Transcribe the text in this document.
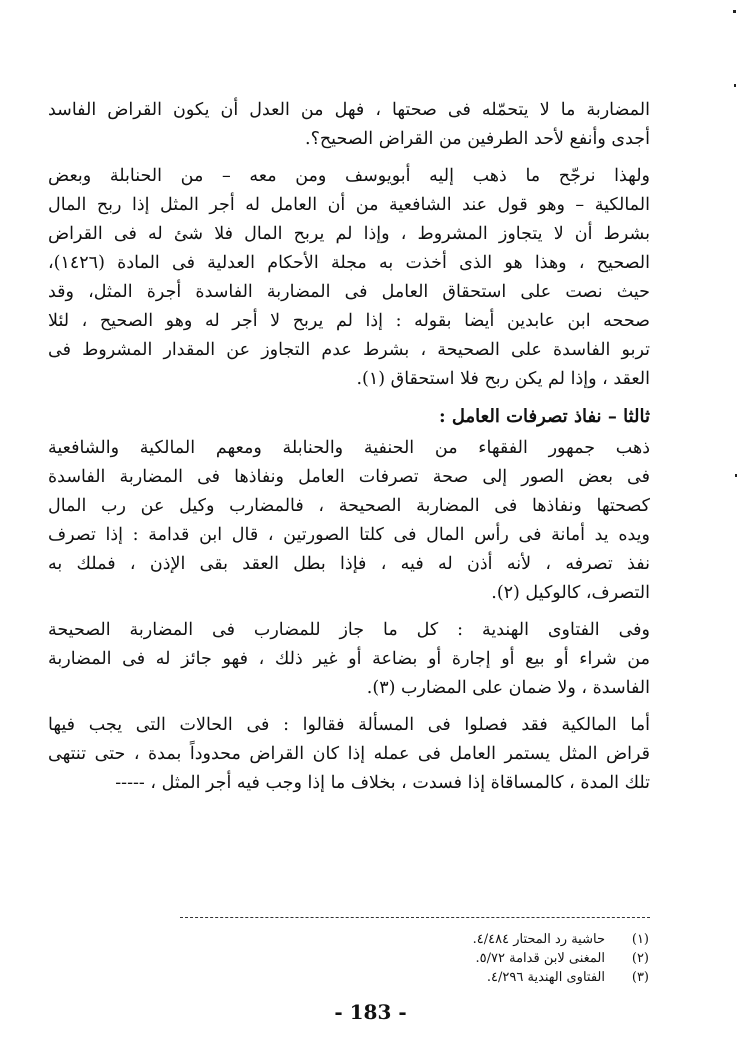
المضاربة ما لا يتحمّله فى صحتها ، فهل من العدل أن يكون القراض الفاسد
أجدى وأنفع لأحد الطرفين من القراض الصحيح؟.
ولهذا نرجّح ما ذهب إليه أبويوسف ومن معه – من الحنابلة وبعض
المالكية – وهو قول عند الشافعية من أن العامل له أجر المثل إذا ربح المال
بشرط أن لا يتجاوز المشروط ، وإذا لم يربح المال فلا شئ له فى القراض
الصحيح ، وهذا هو الذى أخذت به مجلة الأحكام العدلية فى المادة (١٤٢٦)،
حيث نصت على استحقاق العامل فى المضاربة الفاسدة أجرة المثل، وقد
صححه ابن عابدين أيضا بقوله : إذا لم يربح لا أجر له وهو الصحيح ، لئلا
تربو الفاسدة على الصحيحة ، بشرط عدم التجاوز عن المقدار المشروط فى
العقد ، وإذا لم يكن ربح فلا استحقاق (١).
ثالثا – نفاذ تصرفات العامل :
ذهب جمهور الفقهاء من الحنفية والحنابلة ومعهم المالكية والشافعية
فى بعض الصور إلى صحة تصرفات العامل ونفاذها فى المضاربة الفاسدة
كصحتها ونفاذها فى المضاربة الصحيحة ، فالمضارب وكيل عن رب المال
ويده يد أمانة فى رأس المال فى كلتا الصورتين ، قال ابن قدامة : إذا تصرف
نفذ تصرفه ، لأنه أذن له فيه ، فإذا بطل العقد بقى الإذن ، فملك به
التصرف، كالوكيل (٢).
وفى الفتاوى الهندية : كل ما جاز للمضارب فى المضاربة الصحيحة
من شراء أو بيع أو إجارة أو بضاعة أو غير ذلك ، فهو جائز له فى المضاربة
الفاسدة ، ولا ضمان على المضارب (٣).
أما المالكية فقد فصلوا فى المسألة فقالوا : فى الحالات التى يجب فيها
قراض المثل يستمر العامل فى عمله إذا كان القراض محدوداً بمدة ، حتى تنتهى
تلك المدة ، كالمساقاة إذا فسدت ، بخلاف ما إذا وجب فيه أجر المثل ، -----
(١)
حاشية رد المحتار ٤/٤٨٤.
(٢)
المغنى لابن قدامة ٥/٧٢.
(٣)
الفتاوى الهندية ٤/٢٩٦.
- 183 -
